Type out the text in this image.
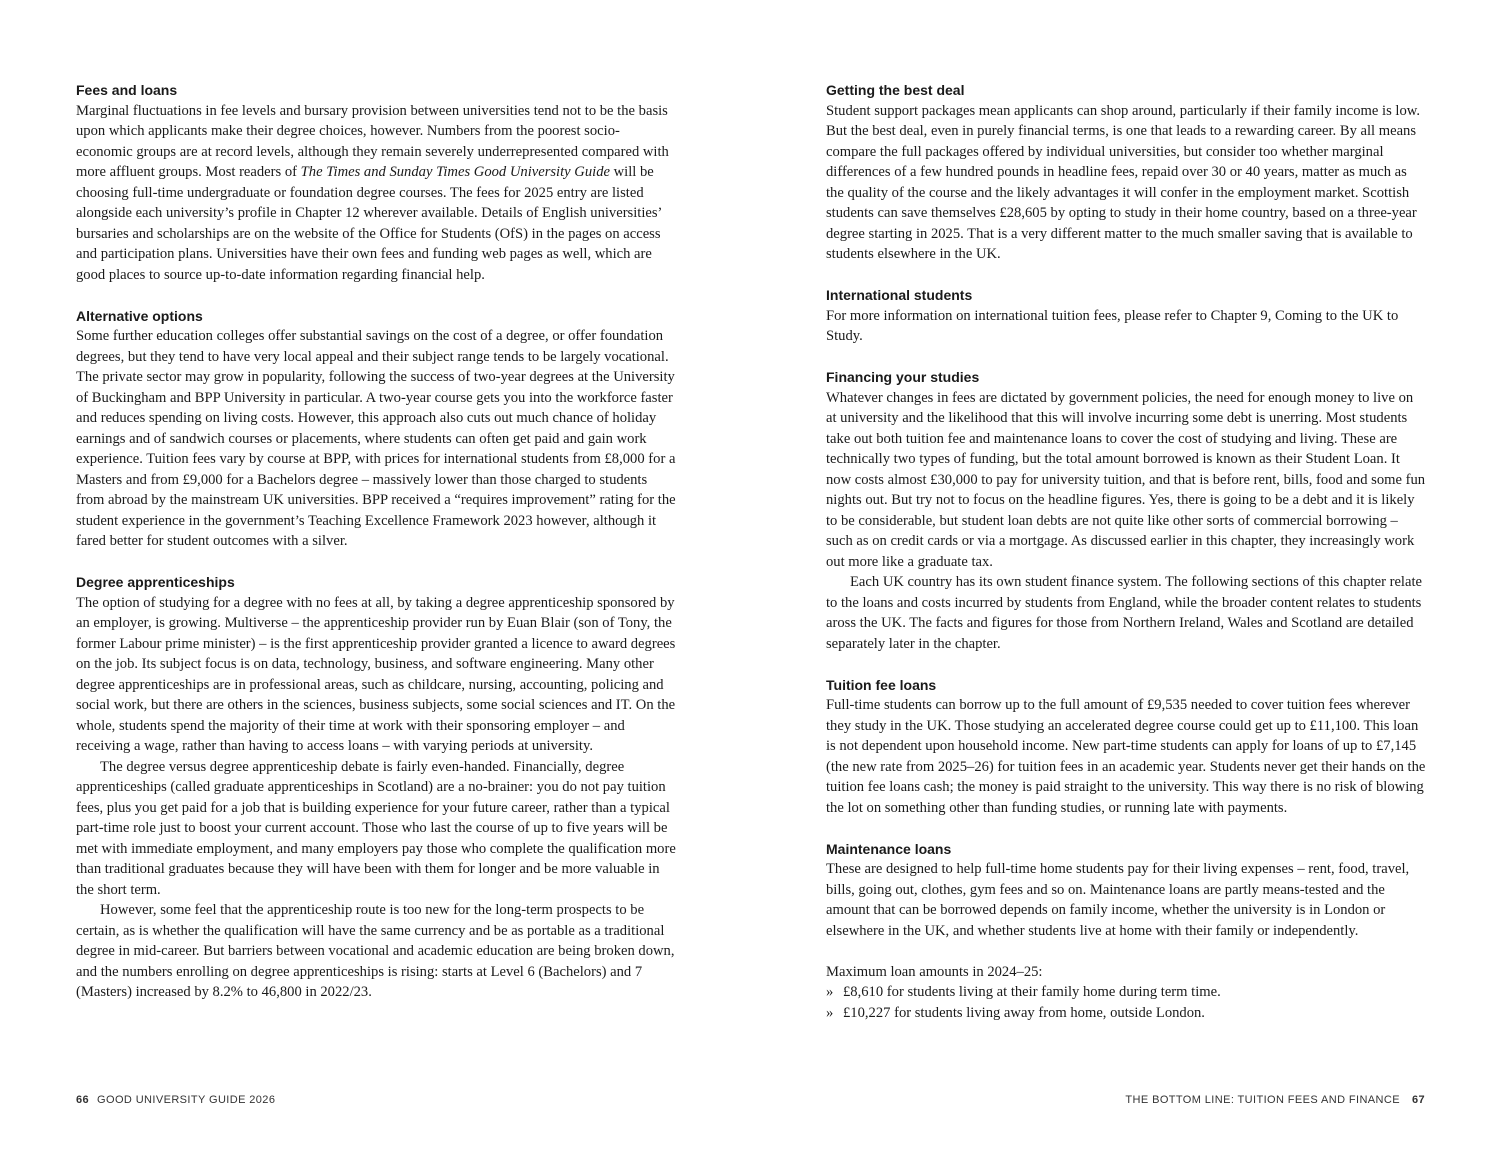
Fees and loans

Marginal fluctuations in fee levels and bursary provision between universities tend not to be the basis upon which applicants make their degree choices, however. Numbers from the poorest socio-economic groups are at record levels, although they remain severely underrepresented compared with more affluent groups. Most readers of The Times and Sunday Times Good University Guide will be choosing full-time undergraduate or foundation degree courses. The fees for 2025 entry are listed alongside each university’s profile in Chapter 12 wherever available. Details of English universities’ bursaries and scholarships are on the website of the Office for Students (OfS) in the pages on access and participation plans. Universities have their own fees and funding web pages as well, which are good places to source up-to-date information regarding financial help.

Alternative options

Some further education colleges offer substantial savings on the cost of a degree, or offer foundation degrees, but they tend to have very local appeal and their subject range tends to be largely vocational. The private sector may grow in popularity, following the success of two-year degrees at the University of Buckingham and BPP University in particular. A two-year course gets you into the workforce faster and reduces spending on living costs. However, this approach also cuts out much chance of holiday earnings and of sandwich courses or placements, where students can often get paid and gain work experience. Tuition fees vary by course at BPP, with prices for international students from £8,000 for a Masters and from £9,000 for a Bachelors degree – massively lower than those charged to students from abroad by the mainstream UK universities. BPP received a “requires improvement” rating for the student experience in the government’s Teaching Excellence Framework 2023 however, although it fared better for student outcomes with a silver.

Degree apprenticeships

The option of studying for a degree with no fees at all, by taking a degree apprenticeship sponsored by an employer, is growing. Multiverse – the apprenticeship provider run by Euan Blair (son of Tony, the former Labour prime minister) – is the first apprenticeship provider granted a licence to award degrees on the job. Its subject focus is on data, technology, business, and software engineering. Many other degree apprenticeships are in professional areas, such as childcare, nursing, accounting, policing and social work, but there are others in the sciences, business subjects, some social sciences and IT. On the whole, students spend the majority of their time at work with their sponsoring employer – and receiving a wage, rather than having to access loans – with varying periods at university.

The degree versus degree apprenticeship debate is fairly even-handed. Financially, degree apprenticeships (called graduate apprenticeships in Scotland) are a no-brainer: you do not pay tuition fees, plus you get paid for a job that is building experience for your future career, rather than a typical part-time role just to boost your current account. Those who last the course of up to five years will be met with immediate employment, and many employers pay those who complete the qualification more than traditional graduates because they will have been with them for longer and be more valuable in the short term.

However, some feel that the apprenticeship route is too new for the long-term prospects to be certain, as is whether the qualification will have the same currency and be as portable as a traditional degree in mid-career. But barriers between vocational and academic education are being broken down, and the numbers enrolling on degree apprenticeships is rising: starts at Level 6 (Bachelors) and 7 (Masters) increased by 8.2% to 46,800 in 2022/23.

Getting the best deal

Student support packages mean applicants can shop around, particularly if their family income is low. But the best deal, even in purely financial terms, is one that leads to a rewarding career. By all means compare the full packages offered by individual universities, but consider too whether marginal differences of a few hundred pounds in headline fees, repaid over 30 or 40 years, matter as much as the quality of the course and the likely advantages it will confer in the employment market. Scottish students can save themselves £28,605 by opting to study in their home country, based on a three-year degree starting in 2025. That is a very different matter to the much smaller saving that is available to students elsewhere in the UK.

International students

For more information on international tuition fees, please refer to Chapter 9, Coming to the UK to Study.

Financing your studies

Whatever changes in fees are dictated by government policies, the need for enough money to live on at university and the likelihood that this will involve incurring some debt is unerring. Most students take out both tuition fee and maintenance loans to cover the cost of studying and living. These are technically two types of funding, but the total amount borrowed is known as their Student Loan. It now costs almost £30,000 to pay for university tuition, and that is before rent, bills, food and some fun nights out. But try not to focus on the headline figures. Yes, there is going to be a debt and it is likely to be considerable, but student loan debts are not quite like other sorts of commercial borrowing – such as on credit cards or via a mortgage. As discussed earlier in this chapter, they increasingly work out more like a graduate tax.

Each UK country has its own student finance system. The following sections of this chapter relate to the loans and costs incurred by students from England, while the broader content relates to students aross the UK. The facts and figures for those from Northern Ireland, Wales and Scotland are detailed separately later in the chapter.

Tuition fee loans

Full-time students can borrow up to the full amount of £9,535 needed to cover tuition fees wherever they study in the UK. Those studying an accelerated degree course could get up to £11,100. This loan is not dependent upon household income. New part-time students can apply for loans of up to £7,145 (the new rate from 2025–26) for tuition fees in an academic year. Students never get their hands on the tuition fee loans cash; the money is paid straight to the university. This way there is no risk of blowing the lot on something other than funding studies, or running late with payments.

Maintenance loans

These are designed to help full-time home students pay for their living expenses – rent, food, travel, bills, going out, clothes, gym fees and so on. Maintenance loans are partly means-tested and the amount that can be borrowed depends on family income, whether the university is in London or elsewhere in the UK, and whether students live at home with their family or independently.

Maximum loan amounts in 2024–25:

» £8,610 for students living at their family home during term time.
» £10,227 for students living away from home, outside London.
66 GOOD UNIVERSITY GUIDE 2026	THE BOTTOM LINE: TUITION FEES AND FINANCE 67
